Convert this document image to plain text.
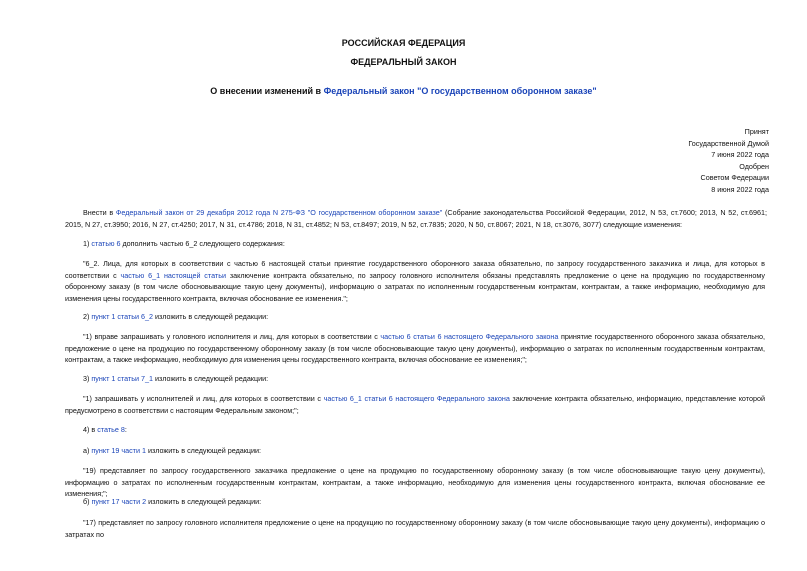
РОССИЙСКАЯ ФЕДЕРАЦИЯ
ФЕДЕРАЛЬНЫЙ ЗАКОН
О внесении изменений в Федеральный закон "О государственном оборонном заказе"
Принят
Государственной Думой
7 июня 2022 года
Одобрен
Советом Федерации
8 июня 2022 года
Внести в Федеральный закон от 29 декабря 2012 года N 275-ФЗ "О государственном оборонном заказе" (Собрание законодательства Российской Федерации, 2012, N 53, ст.7600; 2013, N 52, ст.6961; 2015, N 27, ст.3950; 2016, N 27, ст.4250; 2017, N 31, ст.4786; 2018, N 31, ст.4852; N 53, ст.8497; 2019, N 52, ст.7835; 2020, N 50, ст.8067; 2021, N 18, ст.3076, 3077) следующие изменения:
1) статью 6 дополнить частью 6_2 следующего содержания:
"6_2. Лица, для которых в соответствии с частью 6 настоящей статьи принятие государственного оборонного заказа обязательно, по запросу государственного заказчика и лица, для которых в соответствии с частью 6_1 настоящей статьи заключение контракта обязательно, по запросу головного исполнителя обязаны представлять предложение о цене на продукцию по государственному оборонному заказу (в том числе обосновывающие такую цену документы), информацию о затратах по исполненным государственным контрактам, контрактам, а также информацию, необходимую для изменения цены государственного контракта, включая обоснование ее изменения.";
2) пункт 1 статьи 6_2 изложить в следующей редакции:
"1) вправе запрашивать у головного исполнителя и лиц, для которых в соответствии с частью 6 статьи 6 настоящего Федерального закона принятие государственного оборонного заказа обязательно, предложение о цене на продукцию по государственному оборонному заказу (в том числе обосновывающие такую цену документы), информацию о затратах по исполненным государственным контрактам, контрактам, а также информацию, необходимую для изменения цены государственного контракта, включая обоснование ее изменения;";
3) пункт 1 статьи 7_1 изложить в следующей редакции:
"1) запрашивать у исполнителей и лиц, для которых в соответствии с частью 6_1 статьи 6 настоящего Федерального закона заключение контракта обязательно, информацию, представление которой предусмотрено в соответствии с настоящим Федеральным законом;";
4) в статье 8:
а) пункт 19 части 1 изложить в следующей редакции:
"19) представляет по запросу государственного заказчика предложение о цене на продукцию по государственному оборонному заказу (в том числе обосновывающие такую цену документы), информацию о затратах по исполненным государственным контрактам, контрактам, а также информацию, необходимую для изменения цены государственного контракта, включая обоснование ее изменения;";
б) пункт 17 части 2 изложить в следующей редакции:
"17) представляет по запросу головного исполнителя предложение о цене на продукцию по государственному оборонному заказу (в том числе обосновывающие такую цену документы), информацию о затратах по
